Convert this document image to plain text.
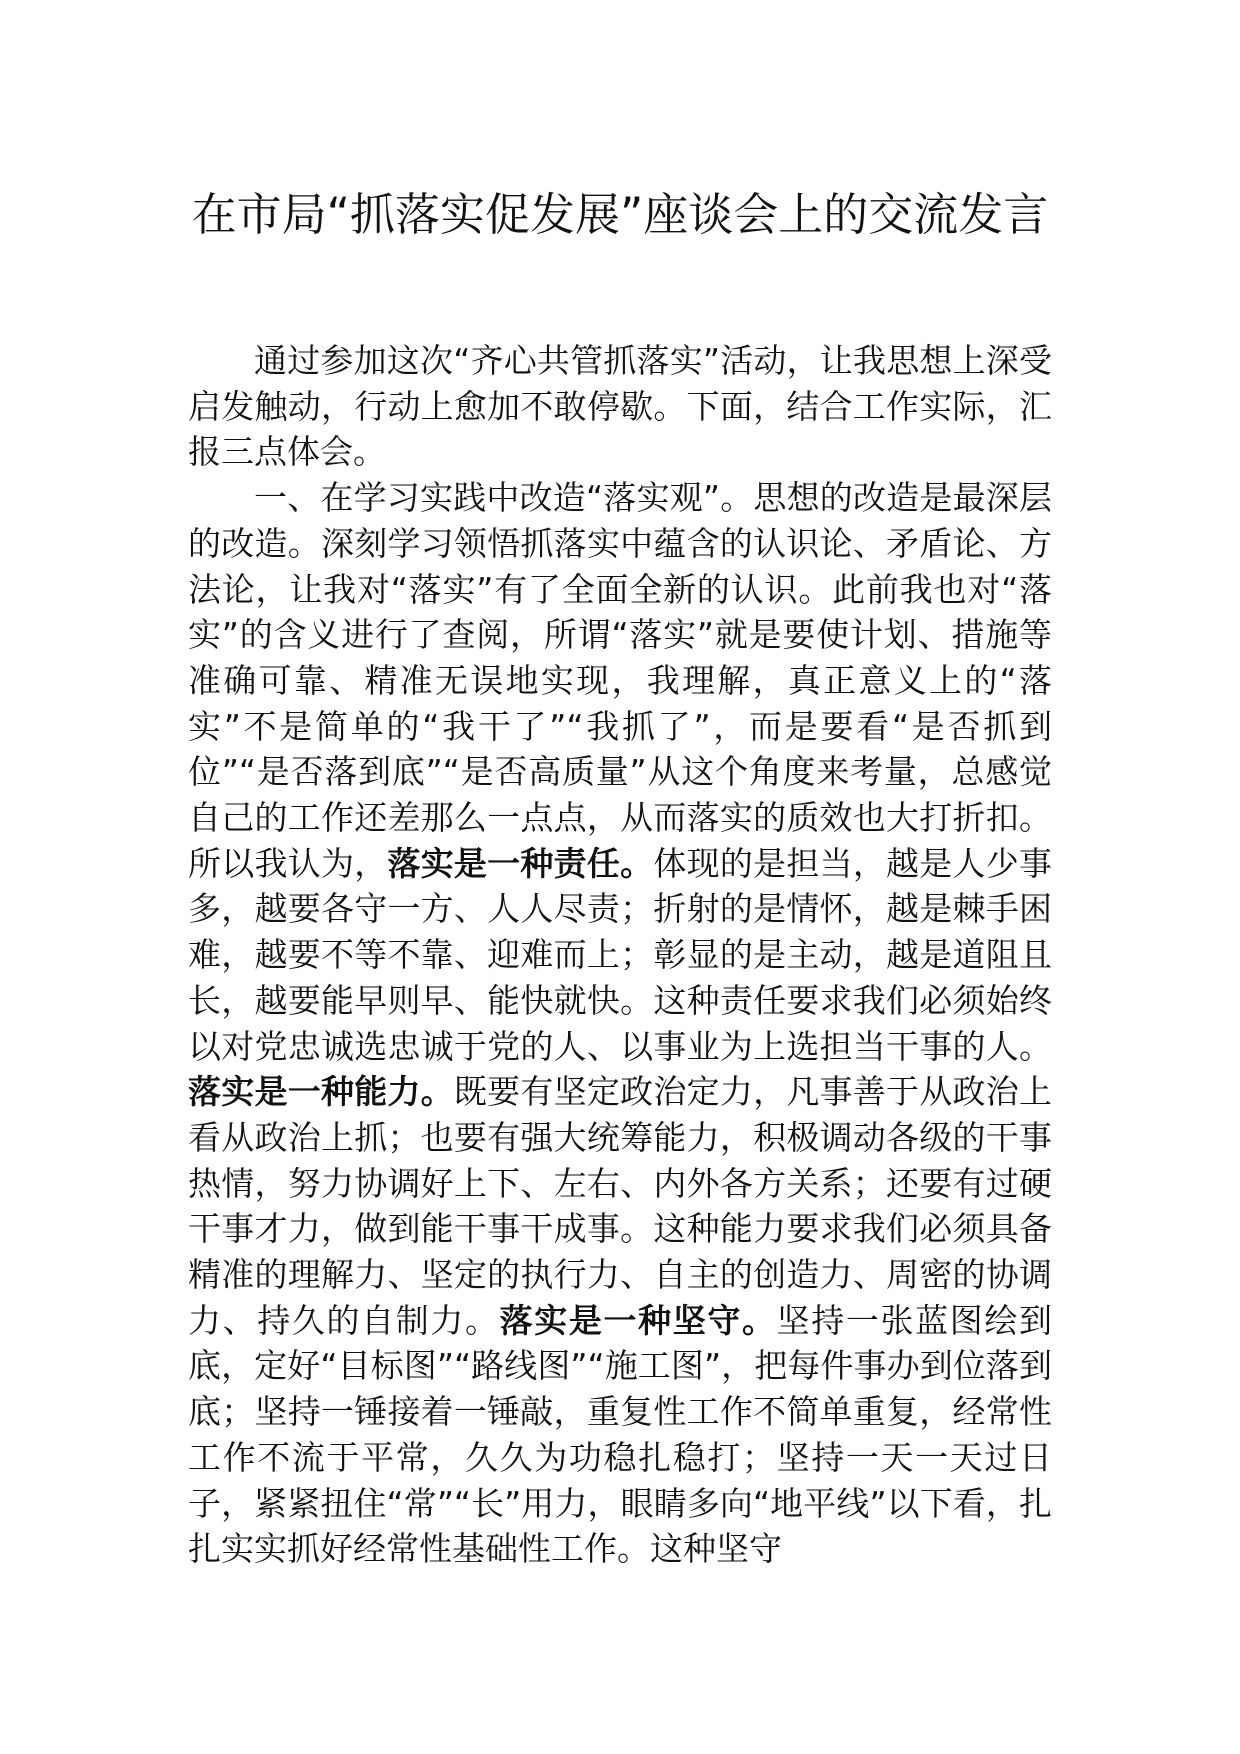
在市局“抓落实促发展”座谈会上的交流发言

通过参加这次“齐心共管抓落实”活动，让我思想上深受启发触动，行动上愈加不敢停歇。下面，结合工作实际，汇报三点体会。

一、在学习实践中改造“落实观”。思想的改造是最深层的改造。深刻学习领悟抓落实中蕴含的认识论、矛盾论、方法论，让我对“落实”有了全面全新的认识。此前我也对“落实”的含义进行了查阅，所谓“落实”就是要使计划、措施等准确可靠、精准无误地实现，我理解，真正意义上的“落实”不是简单的“我干了”“我抓了”，而是要看“是否抓到位”“是否落到底”“是否高质量”从这个角度来考量，总感觉自己的工作还差那么一点点，从而落实的质效也大打折扣。所以我认为，落实是一种责任。体现的是担当，越是人少事多，越要各守一方、人人尽责；折射的是情怀，越是棘手困难，越要不等不靠、迎难而上；彰显的是主动，越是道阻且长，越要能早则早、能快就快。这种责任要求我们必须始终以对党忠诚选忠诚于党的人、以事业为上选担当干事的人。落实是一种能力。既要有坚定政治定力，凡事善于从政治上看从政治上抓；也要有强大统筹能力，积极调动各级的干事热情，努力协调好上下、左右、内外各方关系；还要有过硬干事才力，做到能干事干成事。这种能力要求我们必须具备精准的理解力、坚定的执行力、自主的创造力、周密的协调力、持久的自制力。落实是一种坚守。坚持一张蓝图绘到底，定好“目标图”“路线图”“施工图”，把每件事办到位落到底；坚持一锤接着一锤敲，重复性工作不简单重复，经常性工作不流于平常，久久为功稳扎稳打；坚持一天一天过日子，紧紧扭住“常”“长”用力，眼睛多向“地平线”以下看，扎扎实实抓好经常性基础性工作。这种坚守
